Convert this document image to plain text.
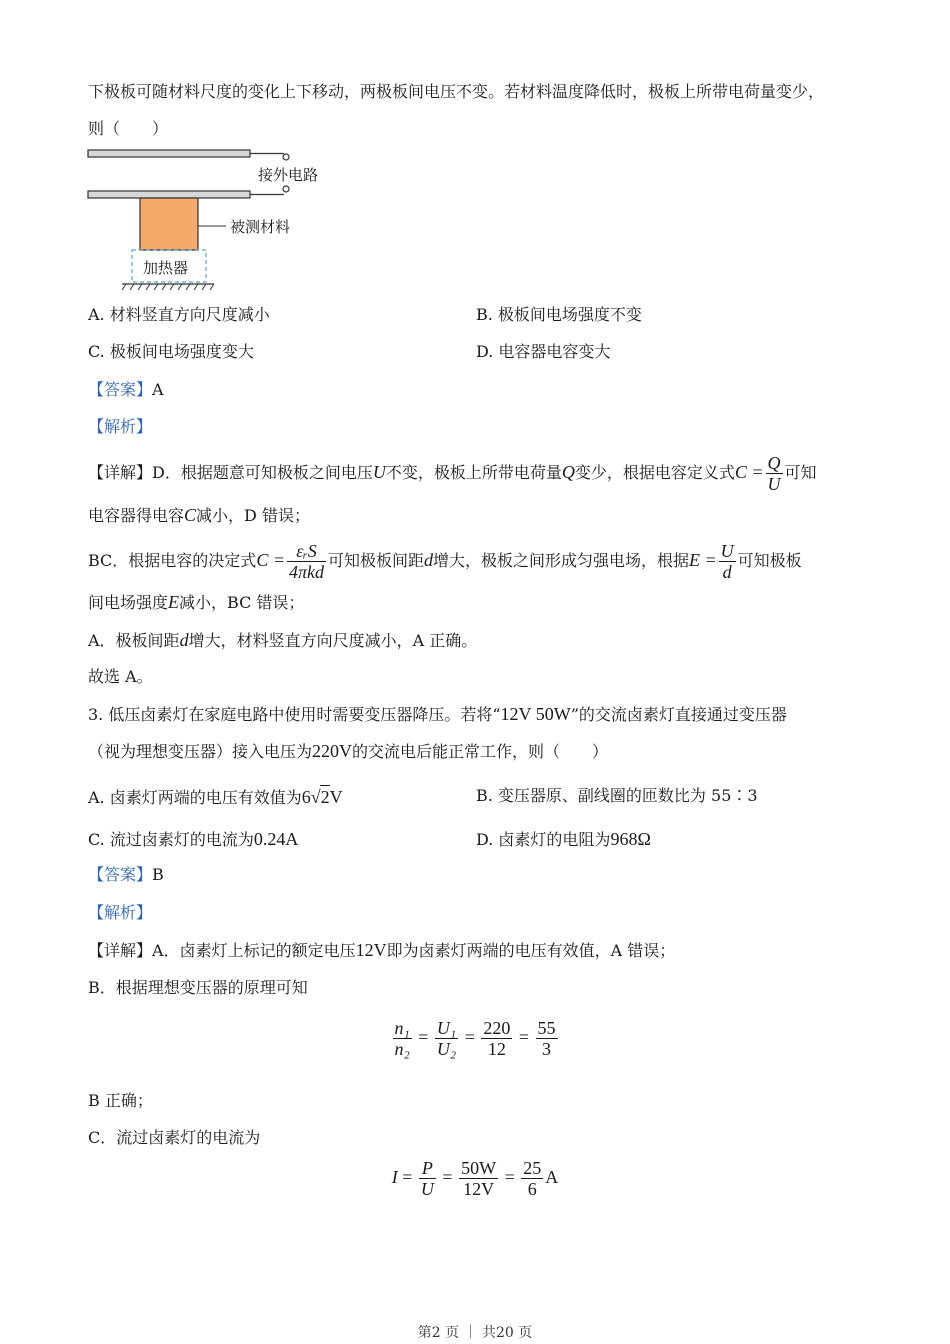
下极板可随材料尺度的变化上下移动，两极板间电压不变。若材料温度降低时，极板上所带电荷量变少，
则（　　）
接外电路
被测材料
加热器
A. 材料竖直方向尺度减小	B. 极板间电场强度不变
C. 极板间电场强度变大	D. 电容器电容变大
【答案】A
【解析】
【详解】D．根据题意可知极板之间电压U不变，极板上所带电荷量Q变少，根据电容定义式$C = \frac{Q}{U}$ 可知
电容器得电容C减小，D 错误；
BC．根据电容的决定式$C = \frac{\text{εᵣS}}{\text{4πkd}}$ 可知极板间距d增大，极板之间形成匀强电场，根据$E = \frac{U}{d}$ 可知极板
间电场强度E减小，BC 错误；
A．极板间距d增大，材料竖直方向尺度减小，A 正确。
故选 A。
3. 低压卤素灯在家庭电路中使用时需要变压器降压。若将“12V 50W”的交流卤素灯直接通过变压器
（视为理想变压器）接入电压为220V的交流电后能正常工作，则（　　）
A. 卤素灯两端的电压有效值为6√2V	B. 变压器原、副线圈的匝数比为 55∶3
C. 流过卤素灯的电流为0.24A	D. 卤素灯的电阻为968Ω
【答案】B
【解析】
【详解】A．卤素灯上标记的额定电压12V即为卤素灯两端的电压有效值，A 错误；
B．根据理想变压器的原理可知
$\frac{\text{n₁}}{\text{n₂}} = \frac{\text{U₁}}{\text{U₂}} = \frac{220}{12} = \frac{55}{3}$
B 正确；
C．流过卤素灯的电流为
$I = \frac{P}{U} = \frac{50W}{12V} = \frac{25}{6}$ A
第2 页 ｜ 共20 页
